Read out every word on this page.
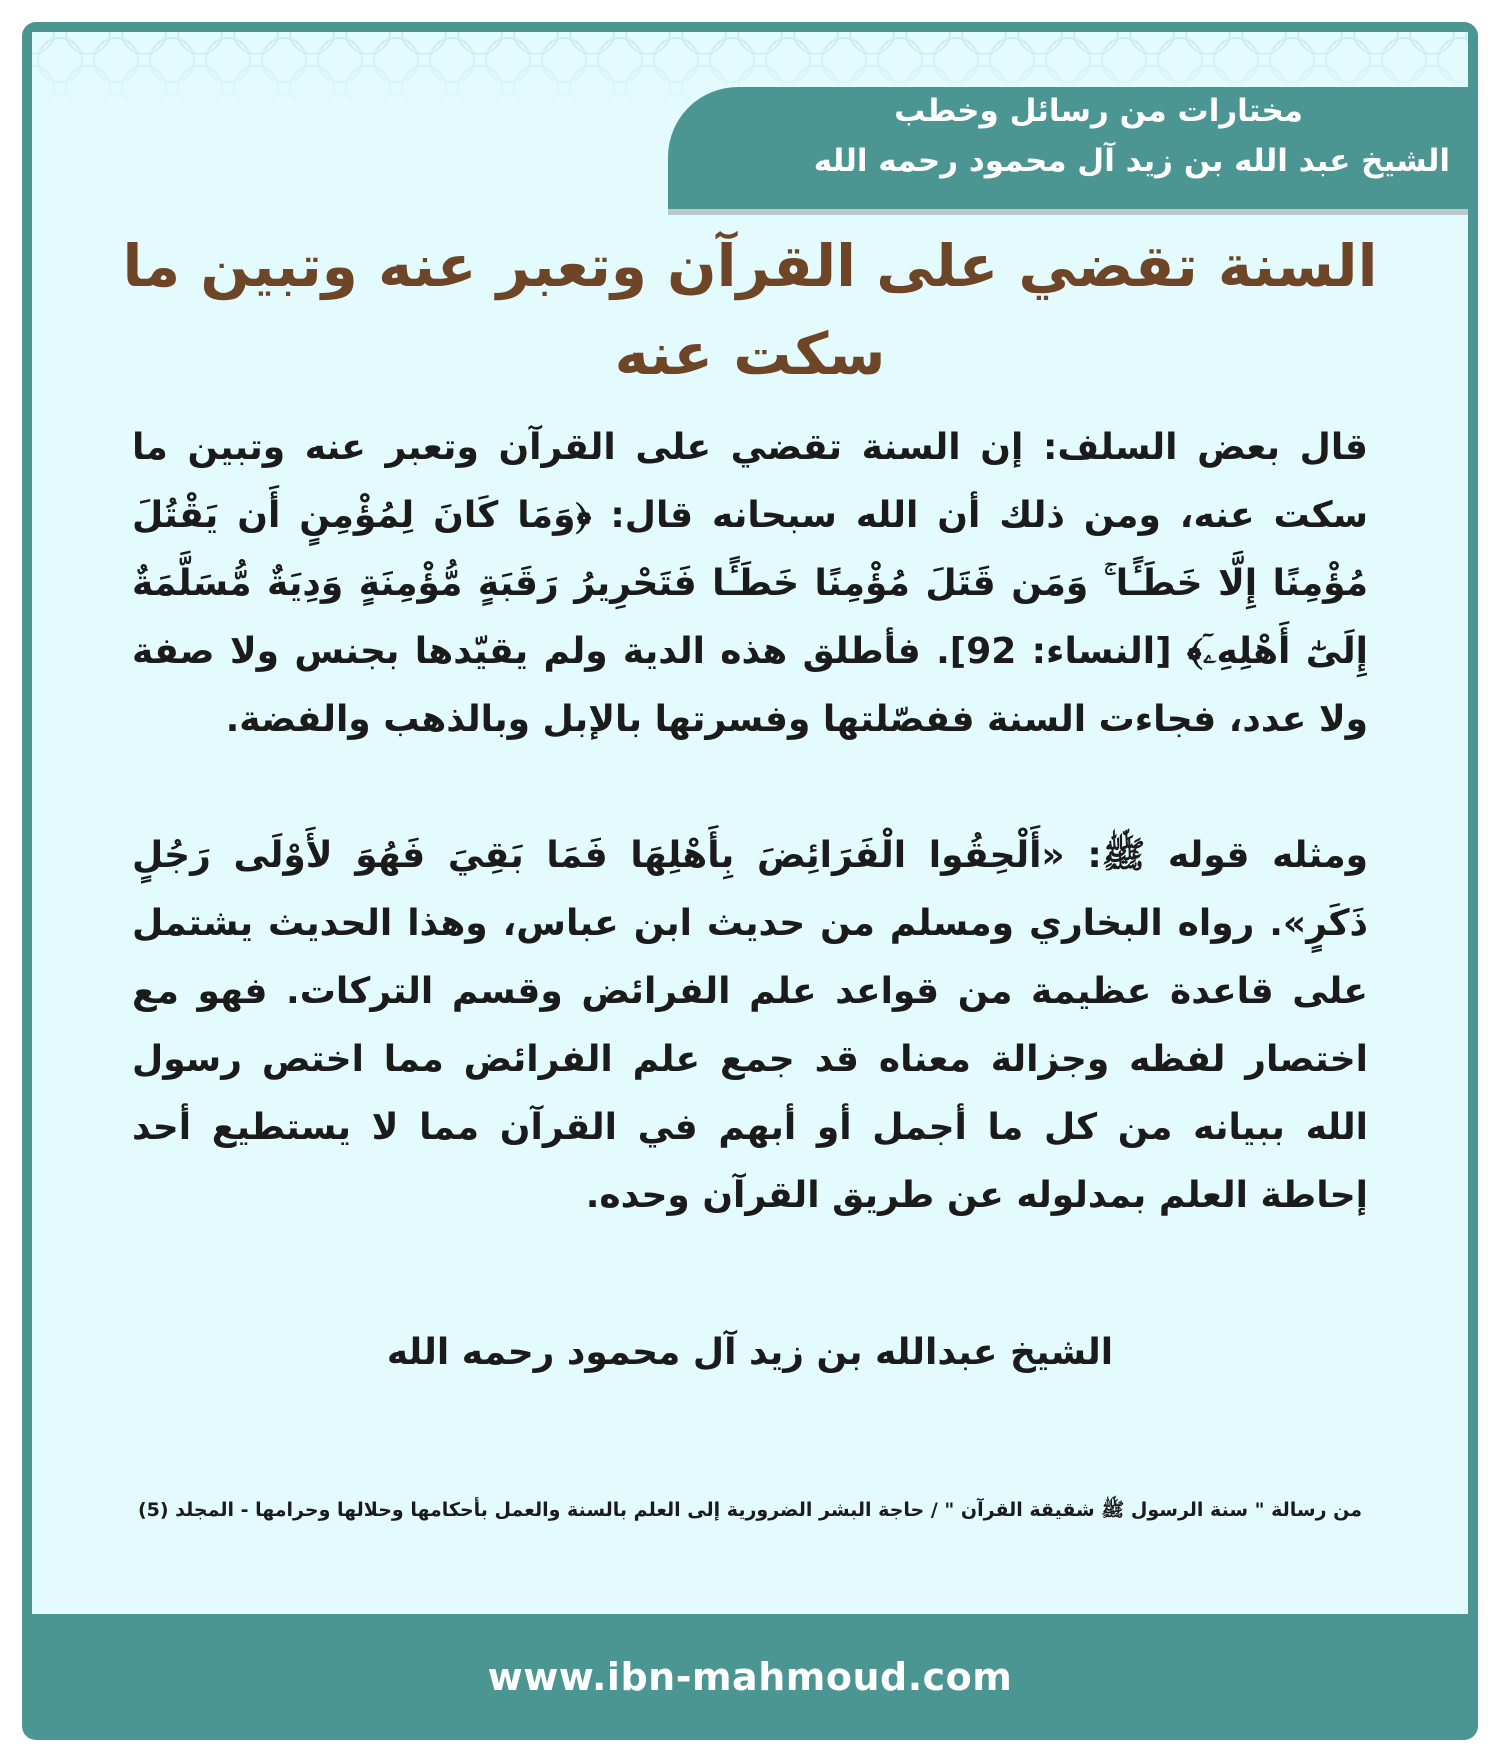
مختارات من رسائل وخطب
الشيخ عبد الله بن زيد آل محمود رحمه الله
السنة تقضي على القرآن وتعبر عنه وتبين ما سكت عنه

قال بعض السلف: إن السنة تقضي على القرآن وتعبر عنه وتبين ما سكت عنه، ومن ذلك أن الله سبحانه قال: ﴿وَمَا كَانَ لِمُؤْمِنٍ أَن يَقْتُلَ مُؤْمِنًا إِلَّا خَطَـًٔا ۚ وَمَن قَتَلَ مُؤْمِنًا خَطَـًٔا فَتَحْرِيرُ رَقَبَةٍ مُّؤْمِنَةٍ وَدِيَةٌ مُّسَلَّمَةٌ إِلَىٰٓ أَهْلِهِۦٓ﴾ [النساء: 92]. فأطلق هذه الدية ولم يقيّدها بجنس ولا صفة ولا عدد، فجاءت السنة ففصّلتها وفسرتها بالإبل وبالذهب والفضة.

ومثله قوله ﷺ: «أَلْحِقُوا الْفَرَائِضَ بِأَهْلِهَا فَمَا بَقِيَ فَهُوَ لأَوْلَى رَجُلٍ ذَكَرٍ». رواه البخاري ومسلم من حديث ابن عباس، وهذا الحديث يشتمل على قاعدة عظيمة من قواعد علم الفرائض وقسم التركات. فهو مع اختصار لفظه وجزالة معناه قد جمع علم الفرائض مما اختص رسول الله ببيانه من كل ما أجمل أو أبهم في القرآن مما لا يستطيع أحد إحاطة العلم بمدلوله عن طريق القرآن وحده.

الشيخ عبدالله بن زيد آل محمود رحمه الله
من رسالة " سنة الرسول ﷺ شقيقة القرآن " / حاجة البشر الضرورية إلى العلم بالسنة والعمل بأحكامها وحلالها وحرامها - المجلد (5)
www.ibn-mahmoud.com
